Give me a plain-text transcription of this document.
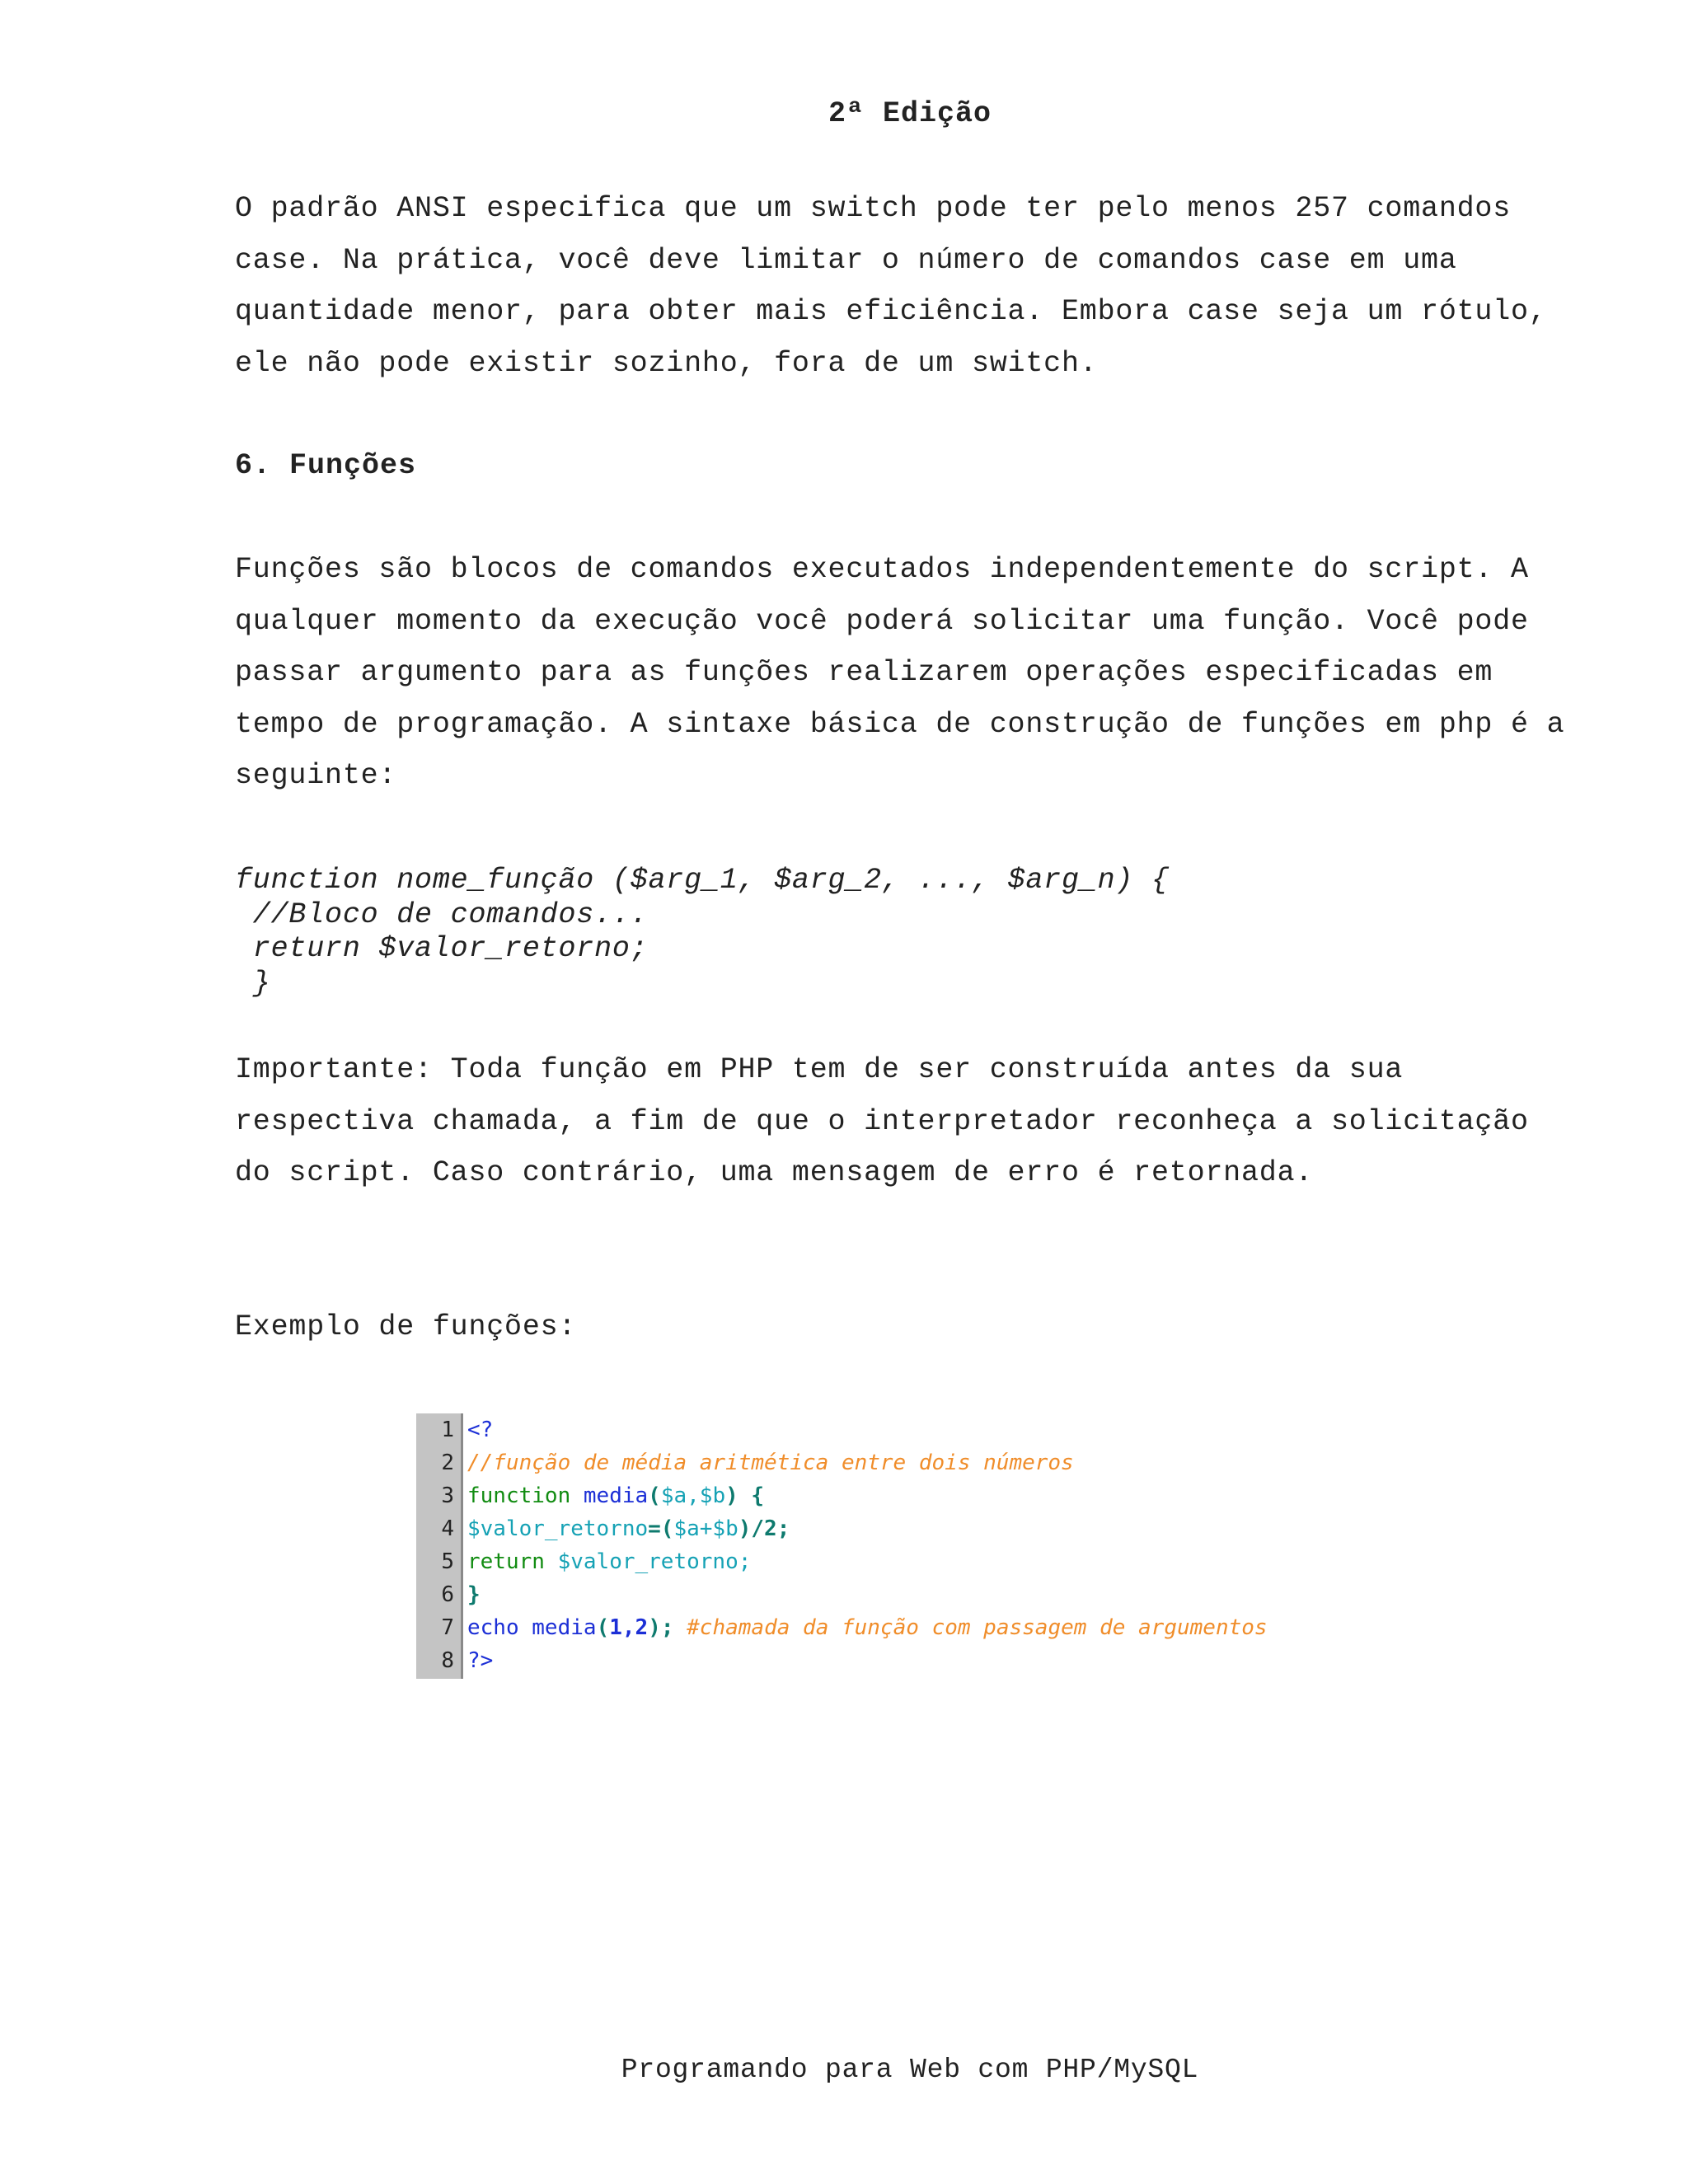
2ª Edição
O padrão ANSI especifica que um switch pode ter pelo menos 257 comandos
case. Na prática, você deve limitar o número de comandos case em uma
quantidade menor, para obter mais eficiência. Embora case seja um rótulo,
ele não pode existir sozinho, fora de um switch.
6. Funções
Funções são blocos de comandos executados independentemente do script. A
qualquer momento da execução você poderá solicitar uma função. Você pode
passar argumento para as funções realizarem operações especificadas em
tempo de programação. A sintaxe básica de construção de funções em php é a
seguinte:
function nome_função ($arg_1, $arg_2, ..., $arg_n) {
//Bloco de comandos...
return $valor_retorno;
}
Importante: Toda função em PHP tem de ser construída antes da sua
respectiva chamada, a fim de que o interpretador reconheça a solicitação
do script. Caso contrário, uma mensagem de erro é retornada.
Exemplo de funções:
1
2
3
4
5
6
7
8
<?
//função de média aritmética entre dois números
function media($a,$b) {
$valor_retorno=($a+$b)/2;
return $valor_retorno;
}
echo media(1,2); #chamada da função com passagem de argumentos
?>
Programando para Web com PHP/MySQL
